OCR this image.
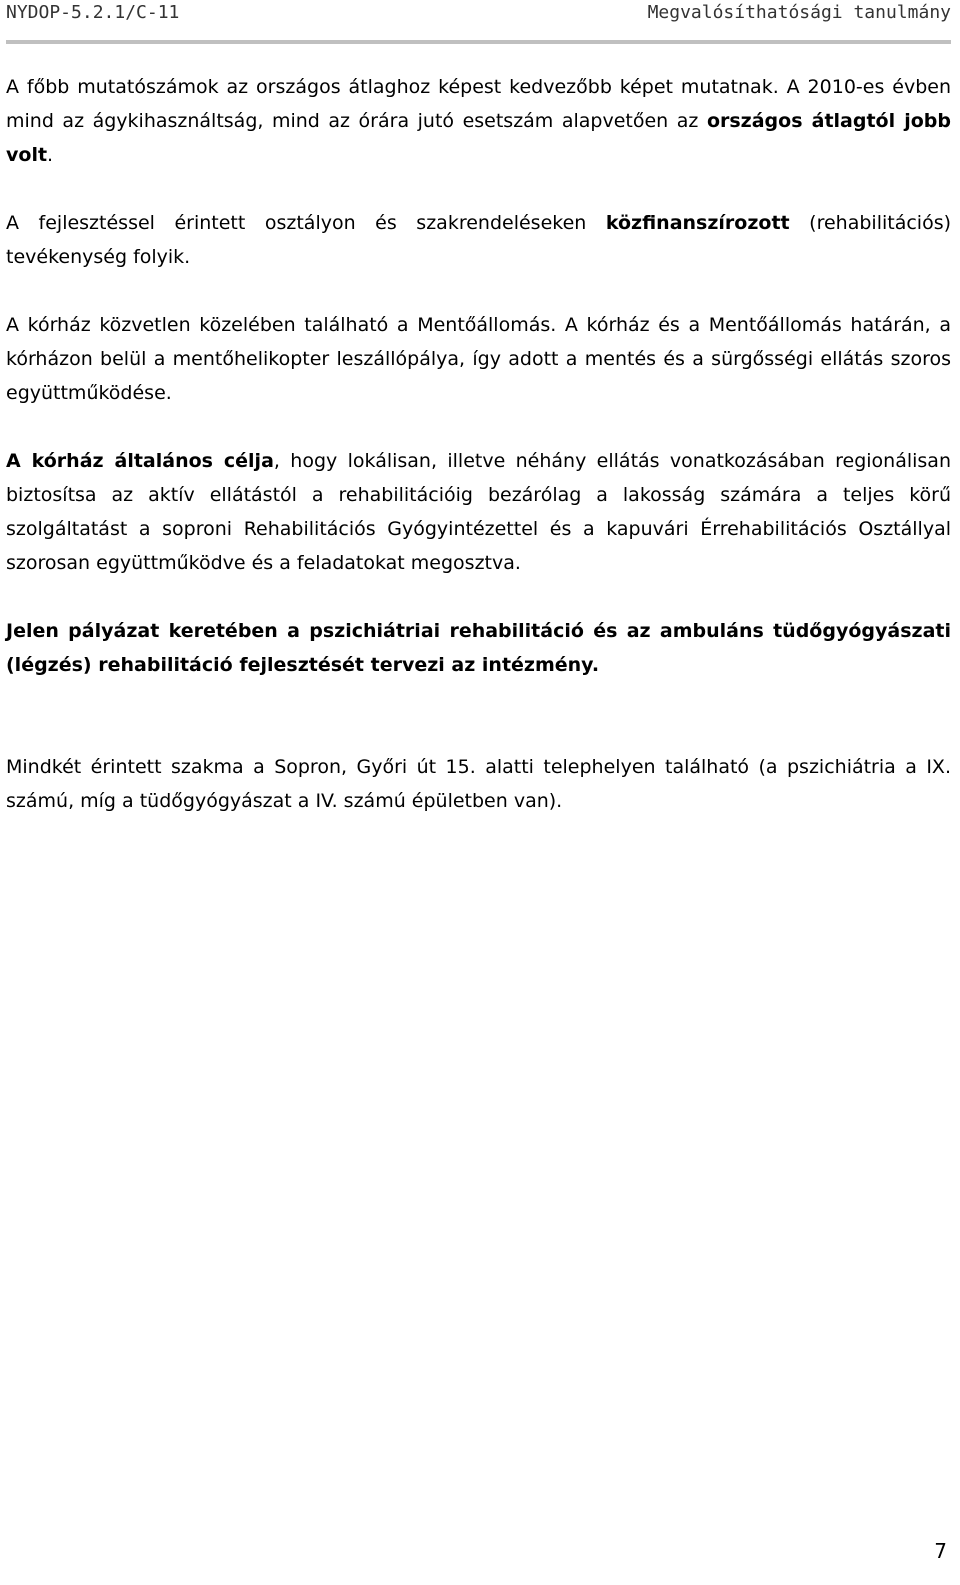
NYDOP-5.2.1/C-11	Megvalósíthatósági tanulmány

A főbb mutatószámok az országos átlaghoz képest kedvezőbb képet mutatnak. A 2010-es évben mind az ágykihasználtság, mind az órára jutó esetszám alapvetően az országos átlagtól jobb volt.

A fejlesztéssel érintett osztályon és szakrendeléseken közfinanszírozott (rehabilitációs) tevékenység folyik.

A kórház közvetlen közelében található a Mentőállomás. A kórház és a Mentőállomás határán, a kórházon belül a mentőhelikopter leszállópálya, így adott a mentés és a sürgősségi ellátás szoros együttműködése.

A kórház általános célja, hogy lokálisan, illetve néhány ellátás vonatkozásában regionálisan biztosítsa az aktív ellátástól a rehabilitációig bezárólag a lakosság számára a teljes körű szolgáltatást a soproni Rehabilitációs Gyógyintézettel és a kapuvári Érrehabilitációs Osztállyal szorosan együttműködve és a feladatokat megosztva.

Jelen pályázat keretében a pszichiátriai rehabilitáció és az ambuláns tüdőgyógyászati (légzés) rehabilitáció fejlesztését tervezi az intézmény.

Mindkét érintett szakma a Sopron, Győri út 15. alatti telephelyen található (a pszichiátria a IX. számú, míg a tüdőgyógyászat a IV. számú épületben van).

7
